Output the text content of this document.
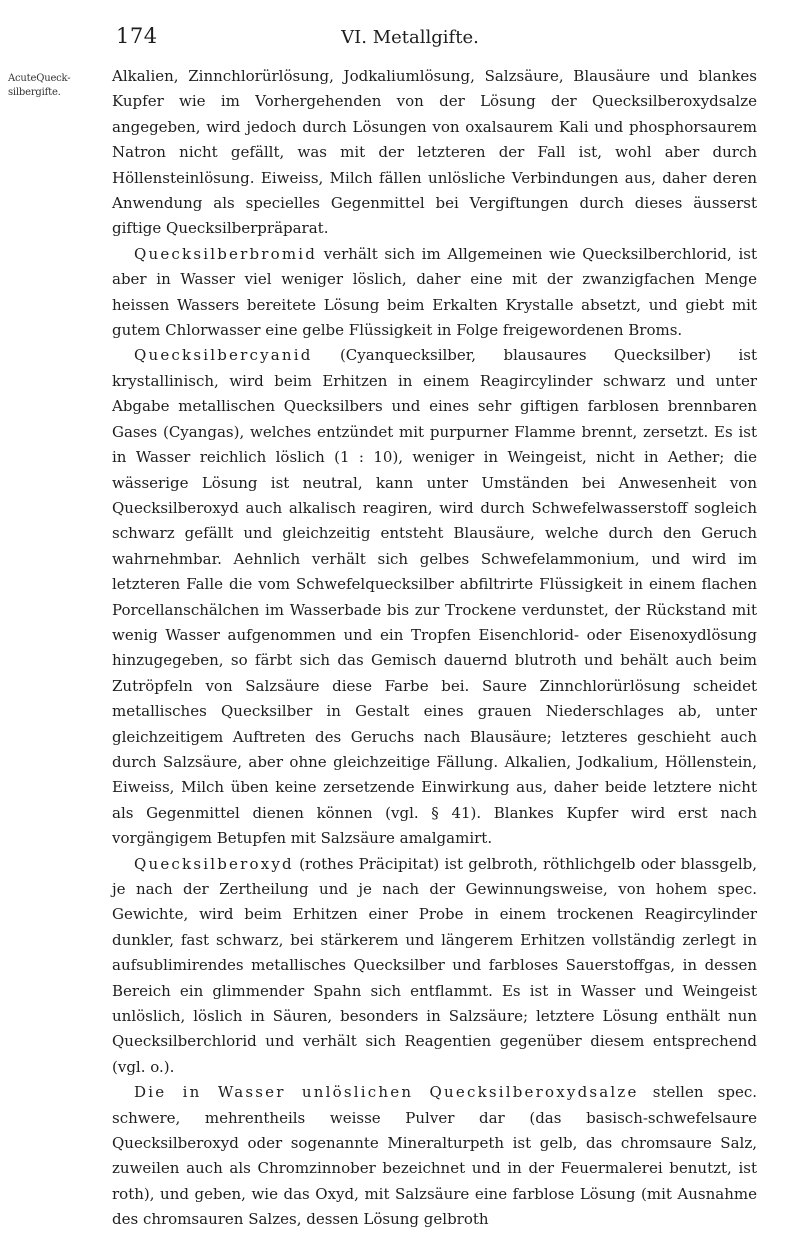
174	VI. Metallgifte.
AcuteQueck-
silbergifte.

Alkalien, Zinnchlorürlösung, Jodkaliumlösung, Salzsäure, Blausäure und blankes Kupfer wie im Vorhergehenden von der Lösung der Quecksilberoxydsalze angegeben, wird jedoch durch Lösungen von oxalsaurem Kali und phosphorsaurem Natron nicht gefällt, was mit der letzteren der Fall ist, wohl aber durch Höllensteinlösung. Eiweiss, Milch fällen unlösliche Verbindungen aus, daher deren Anwendung als specielles Gegenmittel bei Vergiftungen durch dieses äusserst giftige Quecksilberpräparat.

Quecksilberbromid verhält sich im Allgemeinen wie Quecksilberchlorid, ist aber in Wasser viel weniger löslich, daher eine mit der zwanzigfachen Menge heissen Wassers bereitete Lösung beim Erkalten Krystalle absetzt, und giebt mit gutem Chlorwasser eine gelbe Flüssigkeit in Folge freigewordenen Broms.

Quecksilbercyanid (Cyanquecksilber, blausaures Quecksilber) ist krystallinisch, wird beim Erhitzen in einem Reagircylinder schwarz und unter Abgabe metallischen Quecksilbers und eines sehr giftigen farblosen brennbaren Gases (Cyangas), welches entzündet mit purpurner Flamme brennt, zersetzt. Es ist in Wasser reichlich löslich (1 : 10), weniger in Weingeist, nicht in Aether; die wässerige Lösung ist neutral, kann unter Umständen bei Anwesenheit von Quecksilberoxyd auch alkalisch reagiren, wird durch Schwefelwasserstoff sogleich schwarz gefällt und gleichzeitig entsteht Blausäure, welche durch den Geruch wahrnehmbar. Aehnlich verhält sich gelbes Schwefelammonium, und wird im letzteren Falle die vom Schwefelquecksilber abfiltrirte Flüssigkeit in einem flachen Porcellanschälchen im Wasserbade bis zur Trockene verdunstet, der Rückstand mit wenig Wasser aufgenommen und ein Tropfen Eisenchlorid- oder Eisenoxydlösung hinzugegeben, so färbt sich das Gemisch dauernd blutroth und behält auch beim Zutröpfeln von Salzsäure diese Farbe bei. Saure Zinnchlorürlösung scheidet metallisches Quecksilber in Gestalt eines grauen Niederschlages ab, unter gleichzeitigem Auftreten des Geruchs nach Blausäure; letzteres geschieht auch durch Salzsäure, aber ohne gleichzeitige Fällung. Alkalien, Jodkalium, Höllenstein, Eiweiss, Milch üben keine zersetzende Einwirkung aus, daher beide letztere nicht als Gegenmittel dienen können (vgl. § 41). Blankes Kupfer wird erst nach vorgängigem Betupfen mit Salzsäure amalgamirt.

Quecksilberoxyd (rothes Präcipitat) ist gelbroth, röthlichgelb oder blassgelb, je nach der Zertheilung und je nach der Gewinnungsweise, von hohem spec. Gewichte, wird beim Erhitzen einer Probe in einem trockenen Reagircylinder dunkler, fast schwarz, bei stärkerem und längerem Erhitzen vollständig zerlegt in aufsublimirendes metallisches Quecksilber und farbloses Sauerstoffgas, in dessen Bereich ein glimmender Spahn sich entflammt. Es ist in Wasser und Weingeist unlöslich, löslich in Säuren, besonders in Salzsäure; letztere Lösung enthält nun Quecksilberchlorid und verhält sich Reagentien gegenüber diesem entsprechend (vgl. o.).

Die in Wasser unlöslichen Quecksilberoxydsalze stellen spec. schwere, mehrentheils weisse Pulver dar (das basisch-schwefelsaure Quecksilberoxyd oder sogenannte Mineralturpeth ist gelb, das chromsaure Salz, zuweilen auch als Chromzinnober bezeichnet und in der Feuermalerei benutzt, ist roth), und geben, wie das Oxyd, mit Salzsäure eine farblose Lösung (mit Ausnahme des chromsauren Salzes, dessen Lösung gelbroth
